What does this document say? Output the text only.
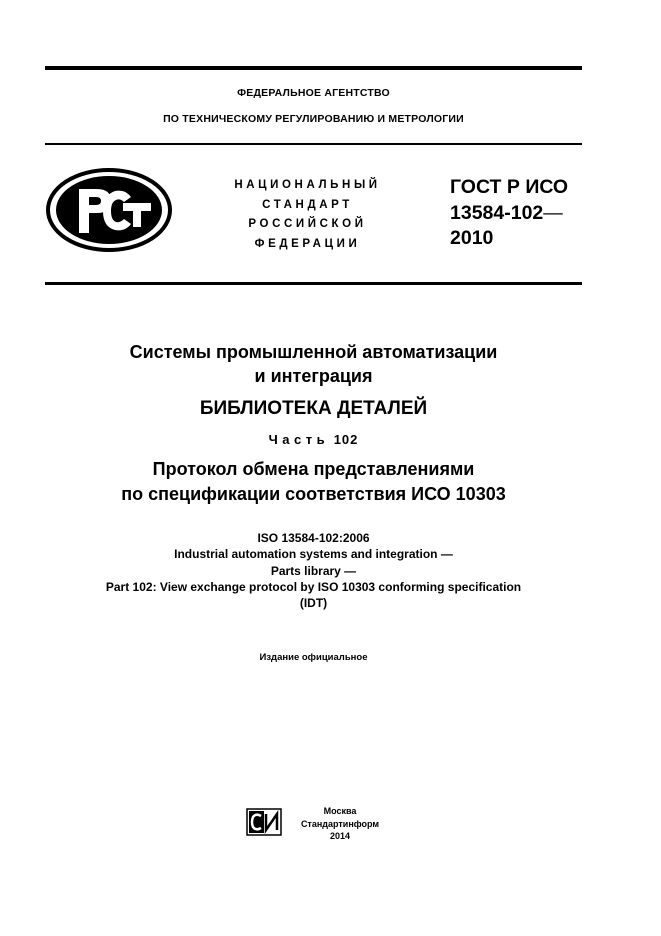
ФЕДЕРАЛЬНОЕ АГЕНТСТВО
ПО ТЕХНИЧЕСКОМУ РЕГУЛИРОВАНИЮ И МЕТРОЛОГИИ
НАЦИОНАЛЬНЫЙ
СТАНДАРТ
РОССИЙСКОЙ
ФЕДЕРАЦИИ
ГОСТ Р ИСО
13584-102—
2010
Системы промышленной автоматизации
и интеграция
БИБЛИОТЕКА ДЕТАЛЕЙ
Часть 102
Протокол обмена представлениями
по спецификации соответствия ИСО 10303
ISO 13584-102:2006
Industrial automation systems and integration —
Parts library —
Part 102: View exchange protocol by ISO 10303 conforming specification
(IDT)
Издание официальное
Москва
Стандартинформ
2014
